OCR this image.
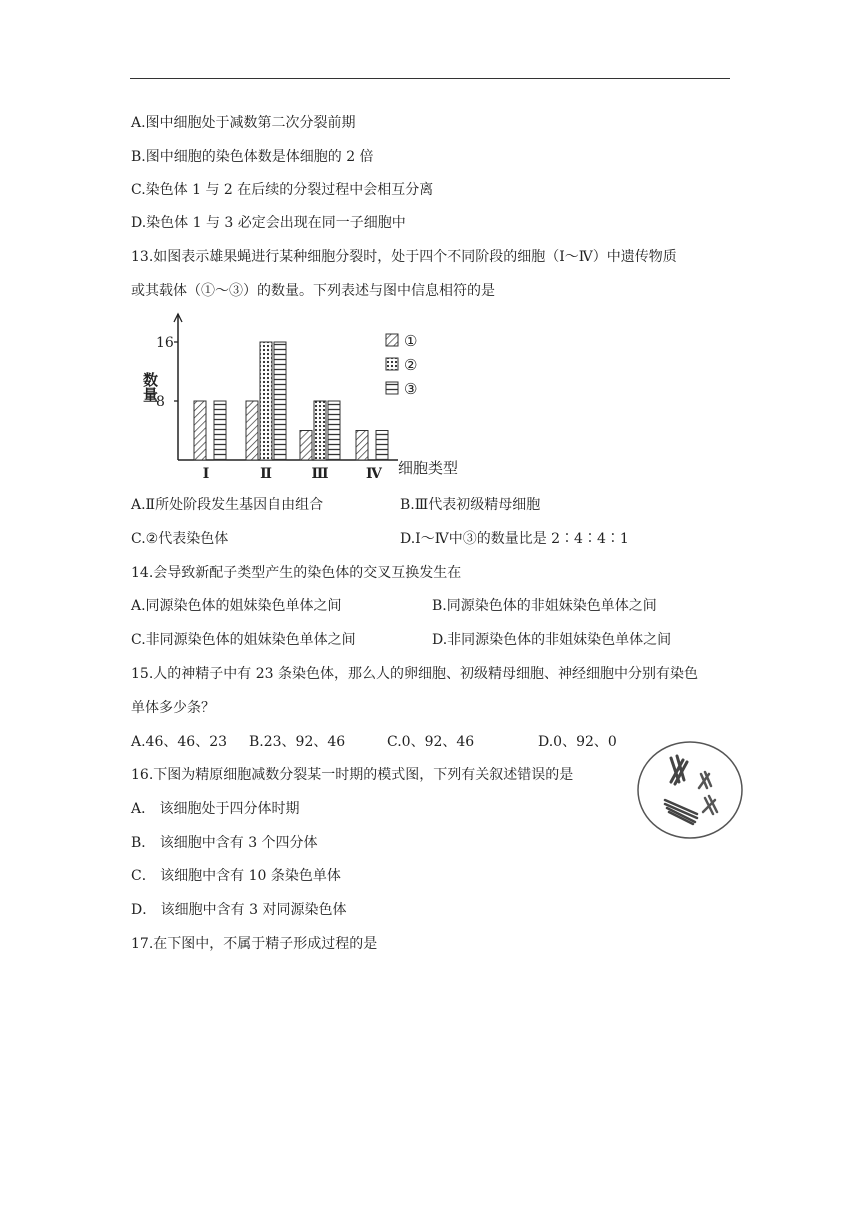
A.图中细胞处于减数第二次分裂前期
B.图中细胞的染色体数是体细胞的 2 倍
C.染色体 1 与 2 在后续的分裂过程中会相互分离
D.染色体 1 与 3 必定会出现在同一子细胞中
13.如图表示雄果蝇进行某种细胞分裂时，处于四个不同阶段的细胞（Ⅰ～Ⅳ）中遗传物质
或其载体（①～③）的数量。下列表述与图中信息相符的是
8
16
数量
Ⅰ	Ⅱ	Ⅲ	Ⅳ 细胞类型
①
②
③
A.Ⅱ所处阶段发生基因自由组合	B.Ⅲ代表初级精母细胞
C.②代表染色体	D.Ⅰ～Ⅳ中③的数量比是 2∶4∶4∶1
14.会导致新配子类型产生的染色体的交叉互换发生在
A.同源染色体的姐妹染色单体之间	B.同源染色体的非姐妹染色单体之间
C.非同源染色体的姐妹染色单体之间	D.非同源染色体的非姐妹染色单体之间
15.人的神精子中有 23 条染色体，那么人的卵细胞、初级精母细胞、神经细胞中分别有染色
单体多少条？
A.46、46、23 B.23、92、46	C.0、92、46	D.0、92、0
16.下图为精原细胞减数分裂某一时期的模式图，下列有关叙述错误的是
A． 该细胞处于四分体时期
B． 该细胞中含有 3 个四分体
C． 该细胞中含有 10 条染色单体
D． 该细胞中含有 3 对同源染色体
17.在下图中，不属于精子形成过程的是
